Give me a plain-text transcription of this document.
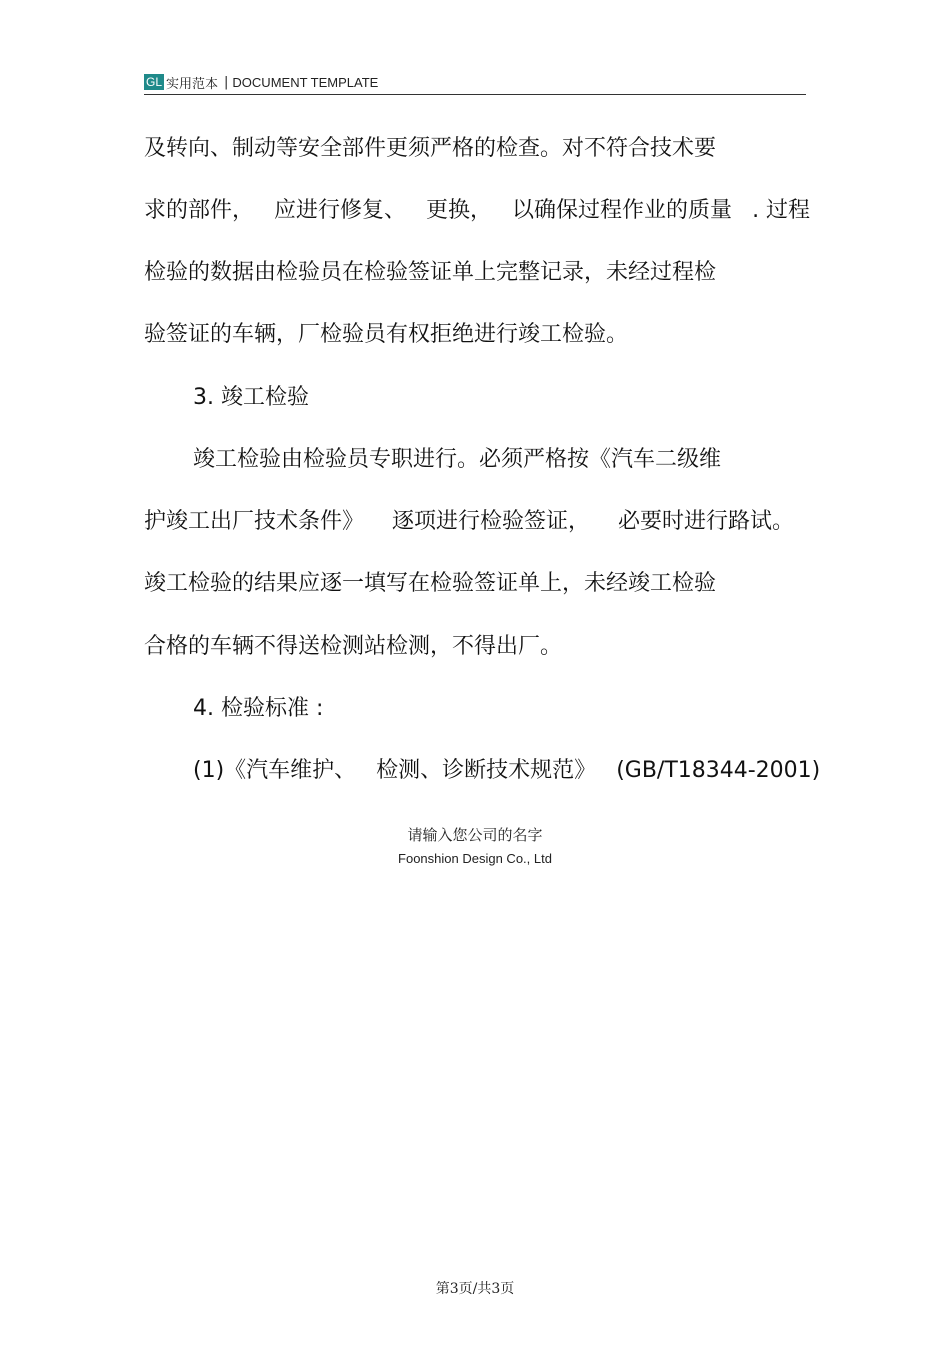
GL 实用范本 | DOCUMENT TEMPLATE
及转向、制动等安全部件更须严格的检查。对不符合技术要
求的部件， 应进行修复、 更换， 以确保过程作业的质量 . 过程
检验的数据由检验员在检验签证单上完整记录，未经过程检
验签证的车辆，厂检验员有权拒绝进行竣工检验。
3. 竣工检验
竣工检验由检验员专职进行。必须严格按《汽车二级维
护竣工出厂技术条件》 逐项进行检验签证， 必要时进行路试。
竣工检验的结果应逐一填写在检验签证单上，未经竣工检验
合格的车辆不得送检测站检测，不得出厂。
4. 检验标准 :
(1)《汽车维护、 检测、诊断技术规范》 (GB/T18344-2001)
请输入您公司的名字
Foonshion Design Co., Ltd
第3页/共3页
